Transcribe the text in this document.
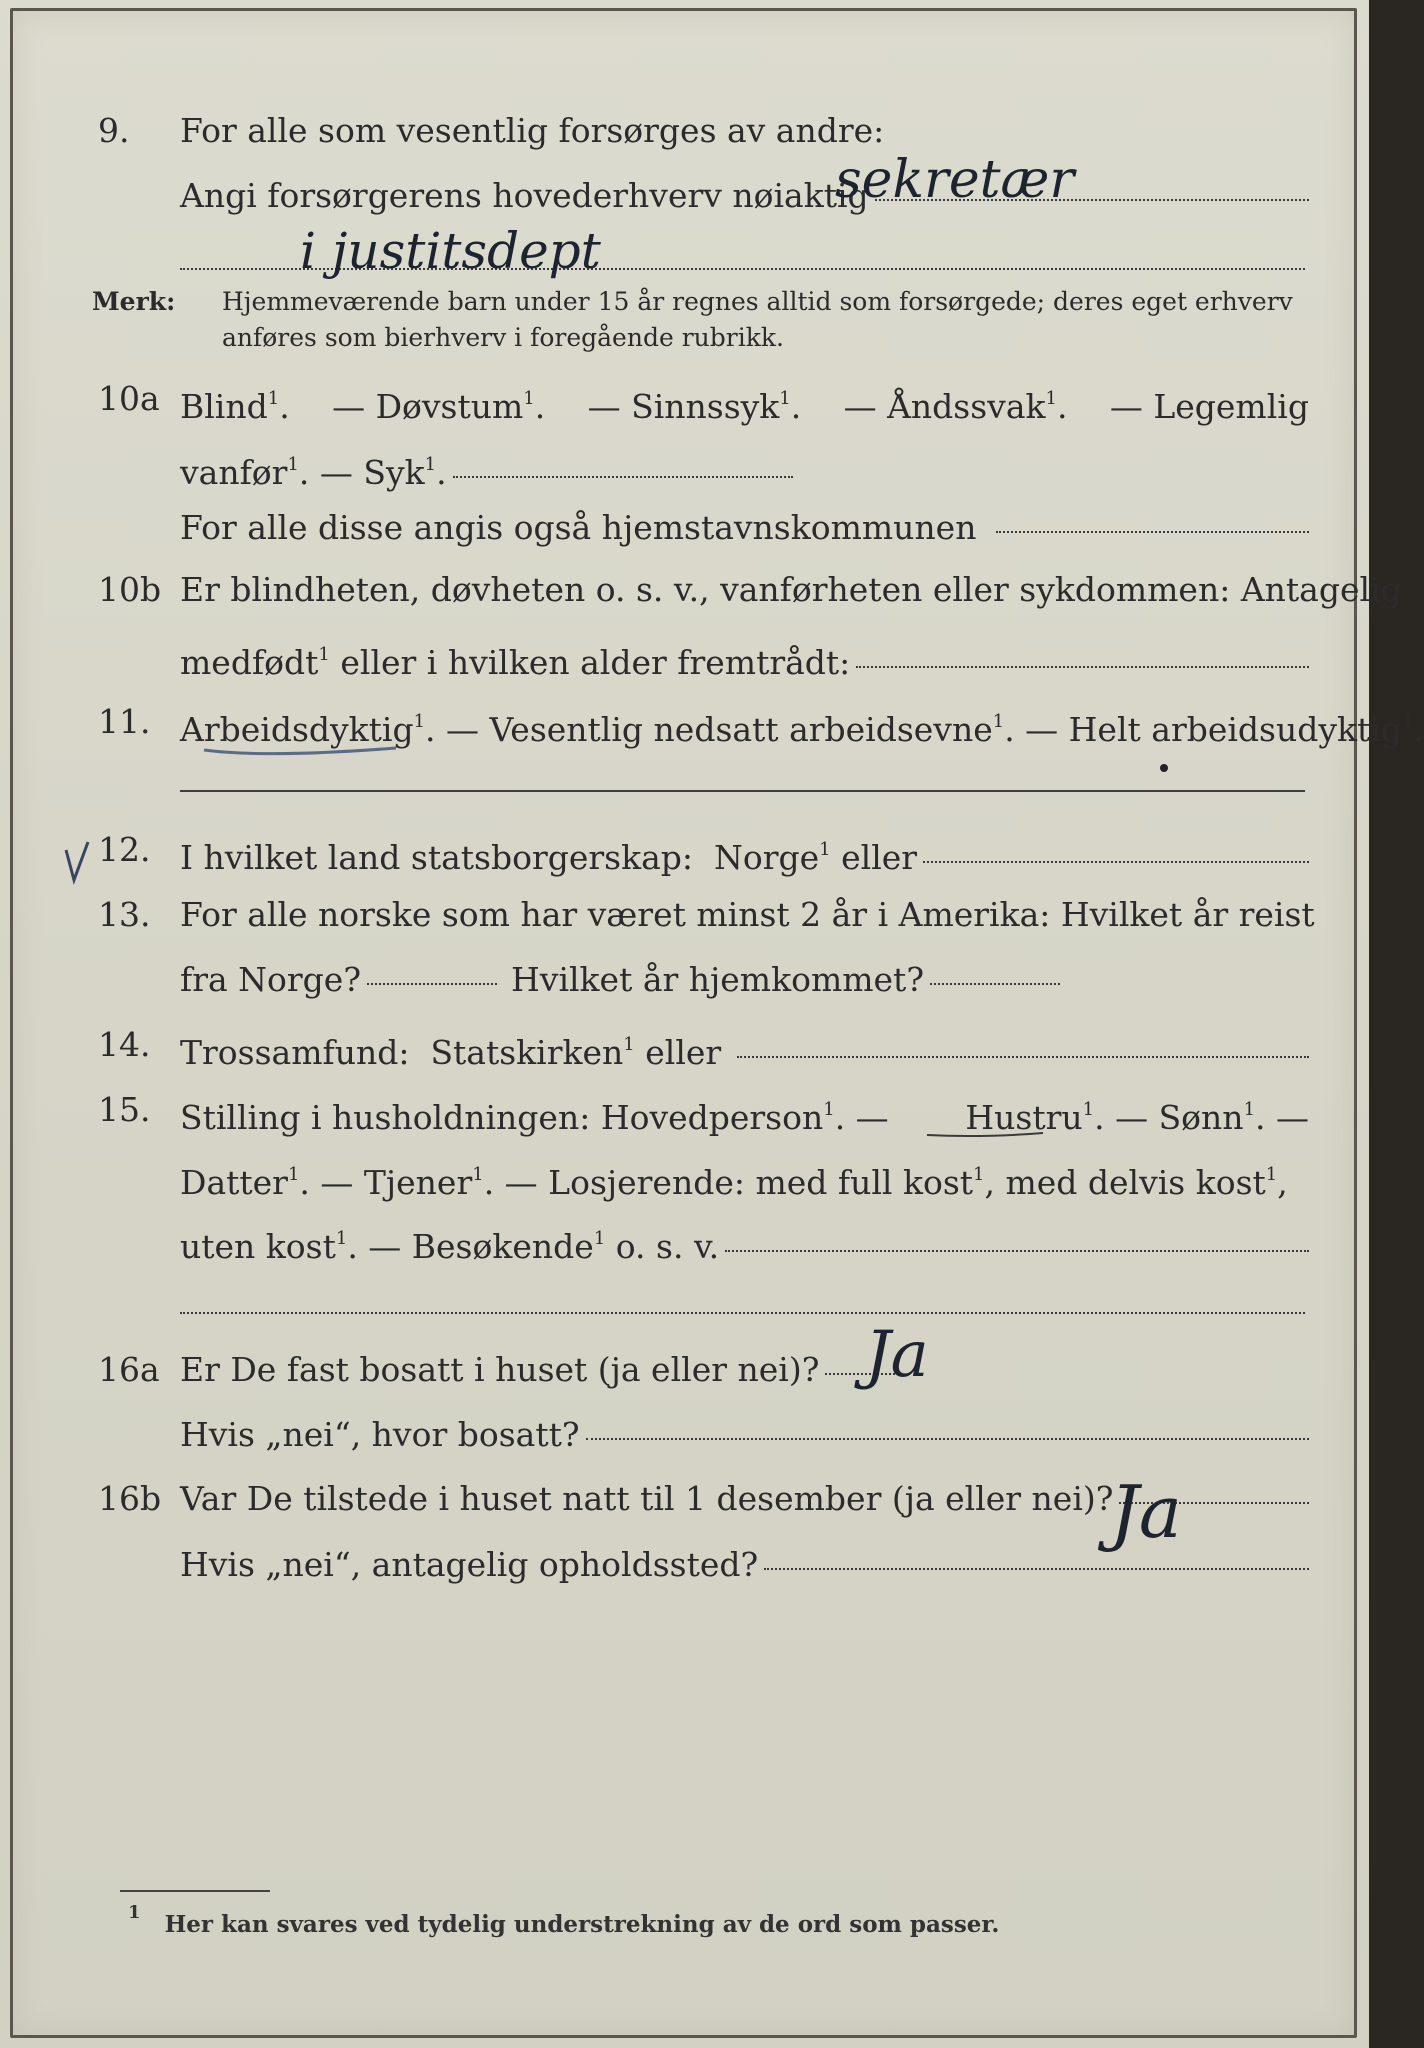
9. For alle som vesentlig forsørges av andre:
Angi forsørgerens hovederhverv nøiaktig
sekretær
i justitsdept
Merk: Hjemmeværende barn under 15 år regnes alltid som forsørgede; deres eget erhverv
anføres som bierhverv i foregående rubrikk.
10a Blind$^1$. — Døvstum$^1$. — Sinnssyk$^1$. — Åndssvak$^1$. — Legemlig
vanfør$^1$ . — Syk$^1$.
For alle disse angis også hjemstavnskommunen
10b Er blindheten, døvheten o. s. v., vanførheten eller sykdommen: Antagelig
medfødt$^1$ eller i hvilken alder fremtrådt:
11. Arbeidsdyktig$^1$ . — Vesentlig nedsatt arbeidsevne$^1$ . — Helt arbeidsudyktig$^1$.
12. I hvilket land statsborgerskap:
Norge$^1$
eller
13. For alle norske som har været minst 2 år i Amerika: Hvilket år reist
fra Norge?	Hvilket år hjemkommet?
14. Trossamfund:
Statskirken$^1$
eller
15. Stilling i husholdningen: Hovedperson$^1$. — Hustru$^1$. — Sønn$^1$. —
Datter$^1$ . — Tjener$^1$ . — Losjerende: med full kost$^1$ , med delvis kost$^1$,
uten kost$^1$ . — Besøkende$^1$ o. s. v.
16a Er De fast bosatt i huset (ja eller nei)? Ja
Hvis „nei“, hvor bosatt?
16b Var De tilstede i huset natt til 1 desember (ja eller nei)?
Ja
Hvis „nei“, antagelig opholdssted?
$^1$ Her kan svares ved tydelig understrekning av de ord som passer.
